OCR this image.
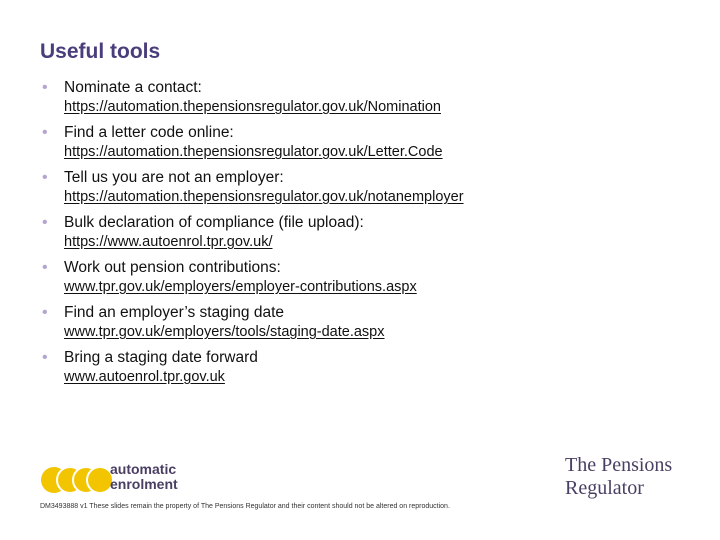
Useful tools
• Nominate a contact:
https://automation.thepensionsregulator.gov.uk/Nomination
• Find a letter code online:
https://automation.thepensionsregulator.gov.uk/Letter.Code
• Tell us you are not an employer:
https://automation.thepensionsregulator.gov.uk/notanemployer
• Bulk declaration of compliance (file upload):
https://www.autoenrol.tpr.gov.uk/
• Work out pension contributions:
www.tpr.gov.uk/employers/employer-contributions.aspx
• Find an employer’s staging date
www.tpr.gov.uk/employers/tools/staging-date.aspx
• Bring a staging date forward
www.autoenrol.tpr.gov.uk
automatic
enrolment
The Pensions
Regulator
DM3493888 v1 These slides remain the property of The Pensions Regulator and their content should not be altered on reproduction.
